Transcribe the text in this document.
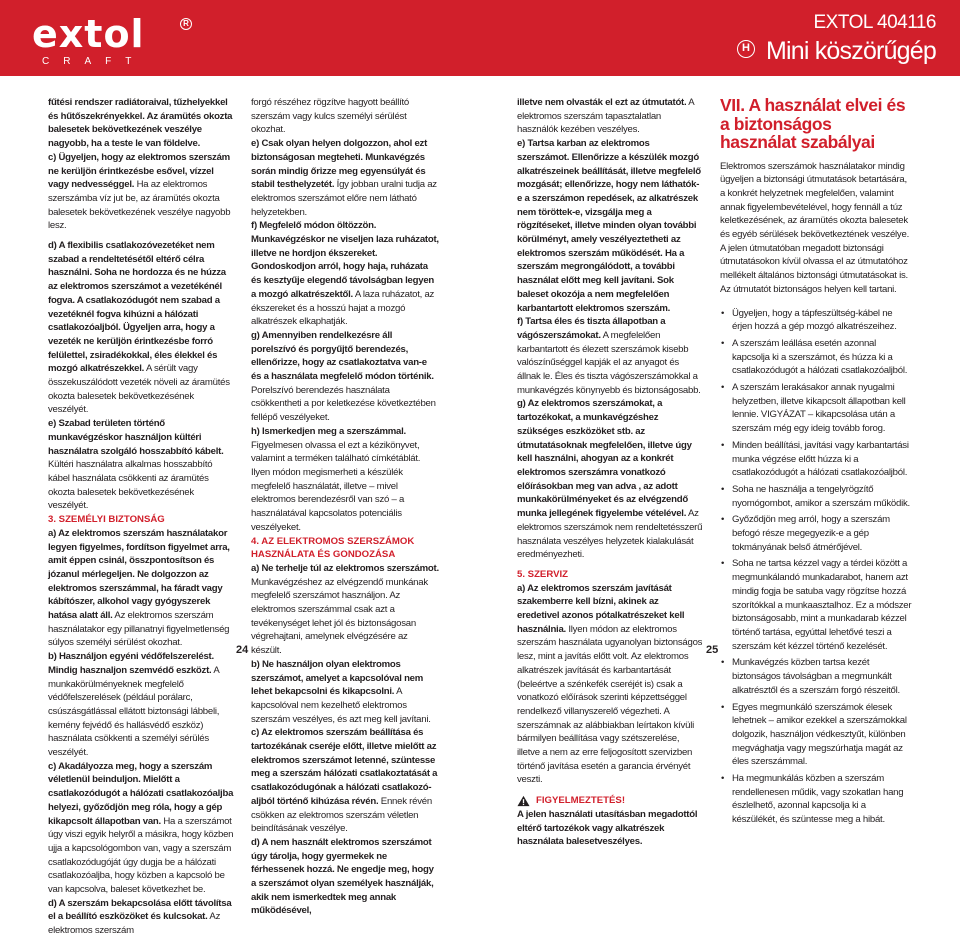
extol	R
CRAFT
EXTOL 404116
H Mini köszörűgép

fűtési rendszer radiátoraival, tűzhelyekkel és hűtőszekrényekkel. Az áramütés okozta balesetek bekövetkezének veszélye nagyobb, ha a teste le van földelve.

c) Ügyeljen, hogy az elektromos szerszám ne kerüljön érintkezésbe esővel, vízzel vagy nedvességgel. Ha az elektromos szerszámba víz jut be, az áramütés okozta balesetek bekövetkezének veszélye nagyobb lesz.

d) A flexibilis csatlakozóvezetéket nem szabad a rendeltetésétől eltérő célra használni. Soha ne hordozza és ne húzza az elektromos szerszámot a vezetékénél fogva. A csatlakozódugót nem szabad a vezetéknél fogva kihúzni a hálózati csatlakozóaljból. Ügyeljen arra, hogy a vezeték ne kerüljön érintkezésbe forró felülettel, zsiradékokkal, éles élekkel és mozgó alkatrészekkel. A sérült vagy összekuszálódott vezeték növeli az áramütés okozta balesetek bekövetkezésének veszélyét.

e) Szabad területen történő munkavégzéskor használjon kültéri használatra szolgáló hosszabbító kábelt. Kültéri használatra alkalmas hosszabbító kábel használata csökkenti az áramütés okozta balesetek bekövetkezésének veszélyét.

3. SZEMÉLYI BIZTONSÁG

a) Az elektromos szerszám használatakor legyen figyelmes, fordítson figyelmet arra, amit éppen csinál, összpontosítson és józanul mérlegeljen. Ne dolgozzon az elektromos szerszámmal, ha fáradt vagy kábítószer, alkohol vagy gyógyszerek hatása alatt áll. Az elektromos szerszám használatakor egy pillanatnyi figyelmetlenség súlyos személyi sérülést okozhat.

b) Használjon egyéni védőfelszerelést. Mindig hasznaljon szemvédő eszközt. A munkakörülményeknek megfelelő védőfelszerelések (például porálarc, csúszásgátlással ellátott biztonsági lábbeli, kemény fejvédő és hallásvédő eszköz) használata csökkenti a személyi sérülés veszélyét.

c) Akadályozza meg, hogy a szerszám véletlenül beinduljon. Mielőtt a csatlakozódugót a hálózati csatlakozóaljba helyezi, győződjön meg róla, hogy a gép kikapcsolt állapotban van. Ha a szerszámot úgy viszi egyik helyről a másikra, hogy közben ujja a kapcsológombon van, vagy a szerszám csatlakozódugóját úgy dugja be a hálózati csatlakozóaljba, hogy közben a kapcsoló be van kapcsolva, baleset következhet be.

d) A szerszám bekapcsolása előtt távolítsa el a beállító eszközöket és kulcsokat. Az elektromos szerszám

forgó részéhez rögzítve hagyott beállító szerszám vagy kulcs személyi sérülést okozhat.

e) Csak olyan helyen dolgozzon, ahol ezt biztonságosan megteheti. Munkavégzés során mindig őrizze meg egyensúlyát és stabil testhelyzetét. Így jobban uralni tudja az elektromos szerszámot előre nem látható helyzetekben.

f) Megfelelő módon öltözzön. Munkavégzéskor ne viseljen laza ruházatot, illetve ne hordjon ékszereket. Gondoskodjon arról, hogy haja, ruházata és kesztyűje elegendő távolságban legyen a mozgó alkatrészektől. A laza ruházatot, az ékszereket és a hosszú hajat a mozgó alkatrészek elkaphatják.

g) Amennyiben rendelkezésre áll porelszívó és porgyűjtő berendezés, ellenőrizze, hogy az csatlakoztatva van-e és a használata megfelelő módon történik. Porelszívó berendezés használata csökkentheti a por keletkezése következtében fellépő veszélyeket.

h) Ismerkedjen meg a szerszámmal. Figyelmesen olvassa el ezt a kézikönyvet, valamint a terméken található címkétáblát. Ilyen módon megismerheti a készülék megfelelő használatát, illetve – mivel elektromos berendezésről van szó – a használatával kapcsolatos potenciális veszélyeket.

4. AZ ELEKTROMOS SZERSZÁMOK
HASZNÁLATA ÉS GONDOZÁSA

a) Ne terhelje túl az elektromos szerszámot. Munkavégzéshez az elvégzendő munkának megfelelő szerszámot használjon. Az elektromos szerszámmal csak azt a tevékenységet lehet jól és biztonságosan végrehajtani, amelynek elvégzésére az készült.

b) Ne használjon olyan elektromos szerszámot, amelyet a kapcsolóval nem lehet bekapcsolni és kikapcsolni. A kapcsolóval nem kezelhető elektromos szerszám veszélyes, és azt meg kell javítani.

c) Az elektromos szerszám beállítása és tartozékának cseréje előtt, illetve mielőtt az elektromos szerszámot letenné, szüntesse meg a szerszám hálózati csatlakoztatását a csatlakozódugónak a hálózati csatlakozóaljból történő kihúzása révén. Ennek révén csökken az elektromos szerszám véletlen beindításának veszélye.

d) A nem használt elektromos szerszámot úgy tárolja, hogy gyermekek ne férhessenek hozzá. Ne engedje meg, hogy a szerszámot olyan személyek használják, akik nem ismerkedtek meg annak működésével,

illetve nem olvasták el ezt az útmutatót. A elektromos szerszám tapasztalatlan használók kezében veszélyes.

e) Tartsa karban az elektromos szerszámot. Ellenőrizze a készülék mozgó alkatrészeinek beállítását, illetve megfelelő mozgását; ellenőrizze, hogy nem láthatók-e a szerszámon repedések, az alkatrészek nem töröttek-e, vizsgálja meg a rögzítéseket, illetve minden olyan további körülményt, amely veszélyeztetheti az elektromos szerszám működését. Ha a szerszám megrongálódott, a további használat előtt meg kell javítani. Sok baleset okozója a nem megfelelően karbantartott elektromos szerszám.

f) Tartsa éles és tiszta állapotban a vágószerszámokat. A megfelelően karbantartott és élezett szerszámok kisebb valószínűséggel kapják el az anyagot és állnak le. Éles és tiszta vágószerszámokkal a munkavégzés könynyebb és biztonságosabb.

g) Az elektromos szerszámokat, a tartozékokat, a munkavégzéshez szükséges eszközöket stb. az útmutatásoknak megfelelően, illetve úgy kell használni, ahogyan az a konkrét elektromos szerszámra vonatkozó előírásokban meg van adva , az adott munkakörülményeket és az elvégzendő munka jellegének figyelembe vételével. Az elektromos szerszámok nem rendeltetésszerű használata veszélyes helyzetek kialakulását eredményezheti.

5. SZERVIZ

a) Az elektromos szerszám javítását szakemberre kell bízni, akinek az eredetivel azonos pótalkatrészeket kell használnia. Ilyen módon az elektromos szerszám használata ugyanolyan biztonságos lesz, mint a javítás előtt volt. Az elektromos alkatrészek javítását és karbantartását (beleértve a szénkefék cseréjét is) csak a vonatkozó előírások szerinti képzettséggel rendelkező villanyszerelő végezheti. A szerszámnak az alábbiakban leírtakon kívüli bármilyen beállítása vagy szétszerelése, illetve a nem az erre feljogosított szervizben történő javítása esetén a garancia érvényét veszti.

FIGYELMEZTETÉS!

A jelen használati utasításban megadottól eltérő tartozékok vagy alkatrészek használata balesetveszélyes.

VII. A használat elvei és a biztonságos használat szabályai

Elektromos szerszámok használatakor mindig ügyeljen a biztonsági útmutatások betartására, a konkrét helyzetnek megfelelően, valamint annak figyelembevételével, hogy fennáll a túz keletkezésének, az áramütés okozta balesetek és egyéb sérülések bekövetkeztének veszélye. A jelen útmutatóban megadott biztonsági útmutatásokon kívül olvassa el az útmutatóhoz mellékelt általános biztonsági útmutatásokat is. Az útmutatót biztonságos helyen kell tartani.

• Ügyeljen, hogy a tápfeszültség-kábel ne érjen hozzá a gép mozgó alkatrészeihez.
• A szerszám leállása esetén azonnal kapcsolja ki a szerszámot, és húzza ki a csatlakozódugót a hálózati csatlakozóaljból.
• A szerszám lerakásakor annak nyugalmi helyzetben, illetve kikapcsolt állapotban kell lennie. VIGYÁZAT – kikapcsolása után a szerszám még egy ideig tovább forog.
• Minden beállítási, javítási vagy karbantartási munka végzése előtt húzza ki a csatlakozódugót a hálózati csatlakozóaljból.
• Soha ne használja a tengelyrögzítő nyomógombot, amikor a szerszám működik.
• Győződjön meg arról, hogy a szerszám befogó része megegyezik-e a gép tokmányának belső átmérőjével.
• Soha ne tartsa kézzel vagy a térdei között a megmunkálandó munkadarabot, hanem azt mindig fogja be satuba vagy rögzítse hozzá szorítókkal a munkaasztalhoz. Ez a módszer biztonságosabb, mint a munkadarab kézzel történő tartása, egyúttal lehetővé teszi a szerszám két kézzel történő kezelését.
• Munkavégzés közben tartsa kezét biztonságos távolságban a megmunkált alkatrésztől és a szerszám forgó részeitől.
• Egyes megmunkáló szerszámok élesek lehetnek – amikor ezekkel a szerszámokkal dolgozik, használjon védkesztyűt, különben megvághatja vagy megszúrhatja magát az éles szerszámmal.
• Ha megmunkálás közben a szerszám rendellenesen műdik, vagy szokatlan hang észlelhető, azonnal kapcsolja ki a készülékét, és szüntesse meg a hibát.
24	25
